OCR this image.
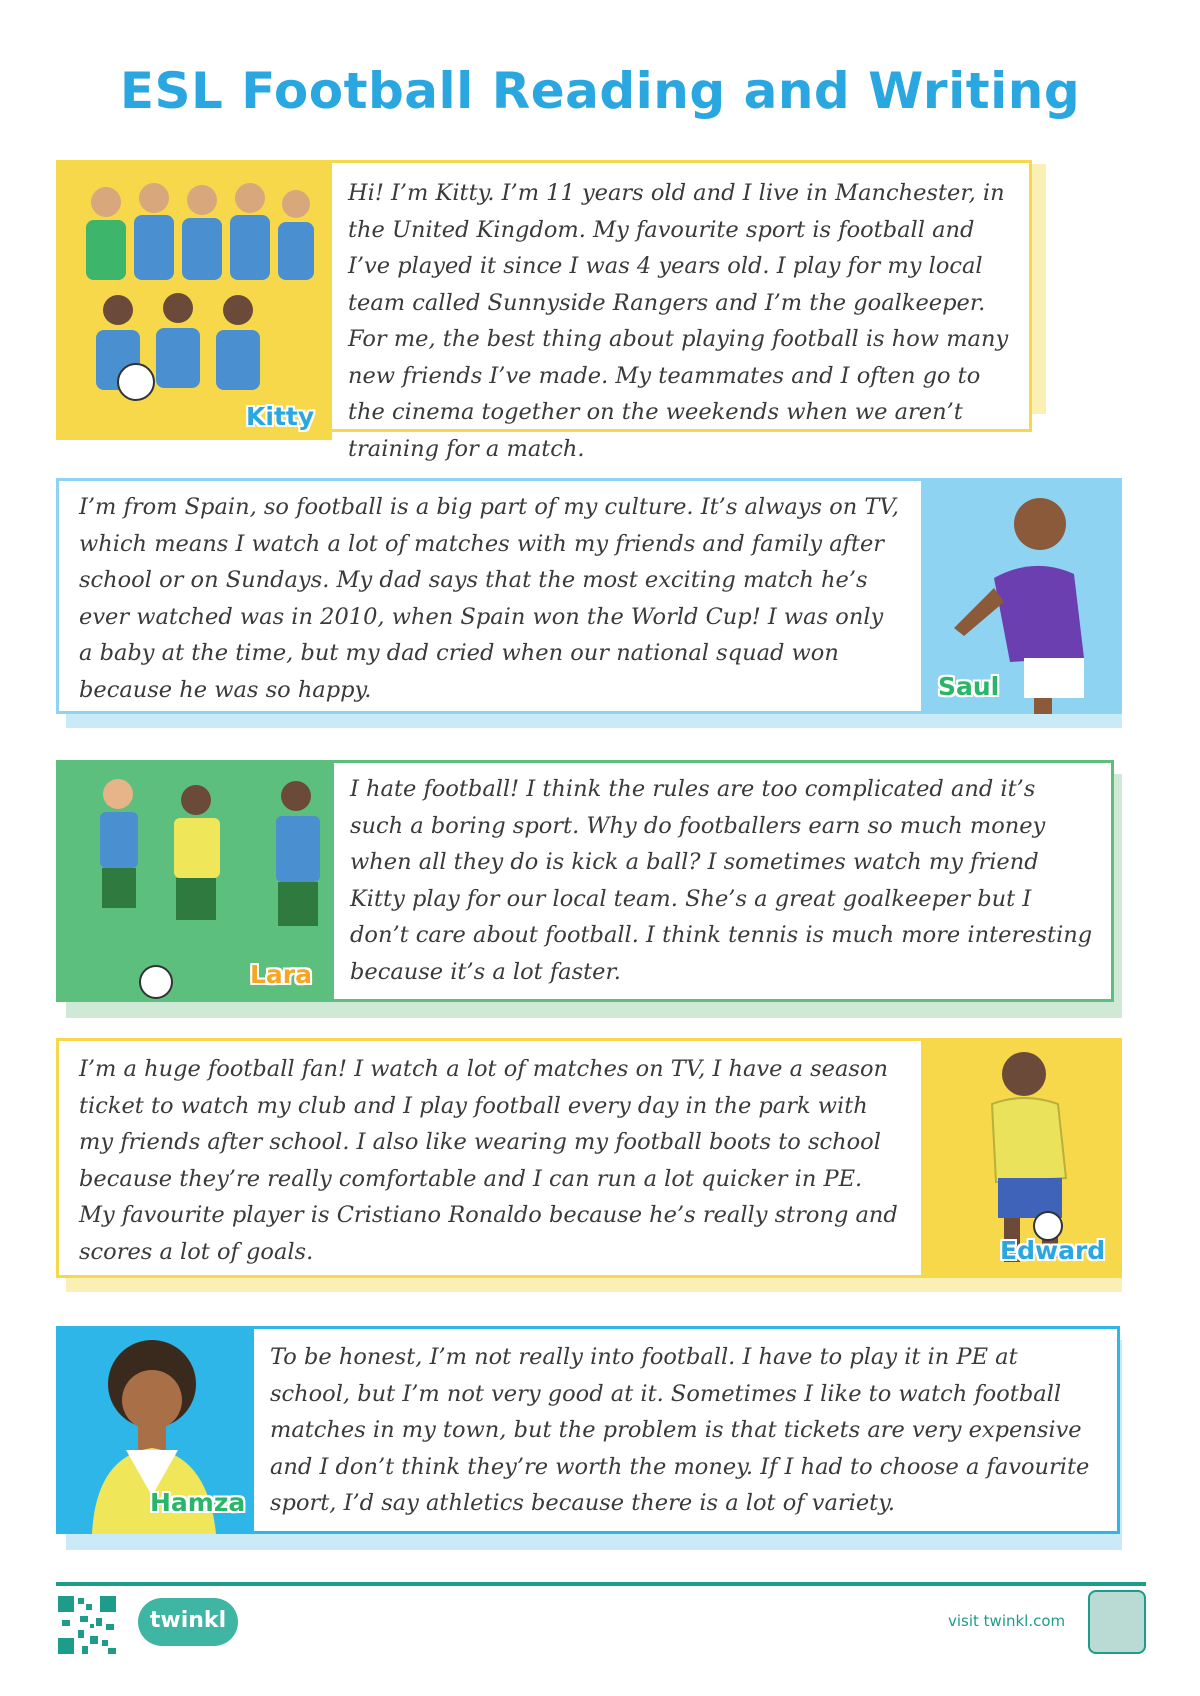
ESL Football Reading and Writing
Kitty

Hi! I’m Kitty. I’m 11 years old and I live in Manchester, in the United Kingdom. My favourite sport is football and I’ve played it since I was 4 years old. I play for my local team called Sunnyside Rangers and I’m the goalkeeper. For me, the best thing about playing football is how many new friends I’ve made. My teammates and I often go to the cinema together on the weekends when we aren’t training for a match.

I’m from Spain, so football is a big part of my culture. It’s always on TV, which means I watch a lot of matches with my friends and family after school or on Sundays. My dad says that the most exciting match he’s ever watched was in 2010, when Spain won the World Cup! I was only a baby at the time, but my dad cried when our national squad won because he was so happy.	Saul
Lara

I hate football! I think the rules are too complicated and it’s such a boring sport. Why do footballers earn so much money when all they do is kick a ball? I sometimes watch my friend Kitty play for our local team. She’s a great goalkeeper but I don’t care about football. I think tennis is much more interesting because it’s a lot faster.

I’m a huge football fan! I watch a lot of matches on TV, I have a season ticket to watch my club and I play football every day in the park with my friends after school. I also like wearing my football boots to school because they’re really comfortable and I can run a lot quicker in PE. My favourite player is Cristiano Ronaldo because he’s really strong and scores a lot of goals.	Edward
Hamza

To be honest, I’m not really into football. I have to play it in PE at school, but I’m not very good at it. Sometimes I like to watch football matches in my town, but the problem is that tickets are very expensive and I don’t think they’re worth the money. If I had to choose a favourite sport, I’d say athletics because there is a lot of variety.

twinkl	visit twinkl.com
